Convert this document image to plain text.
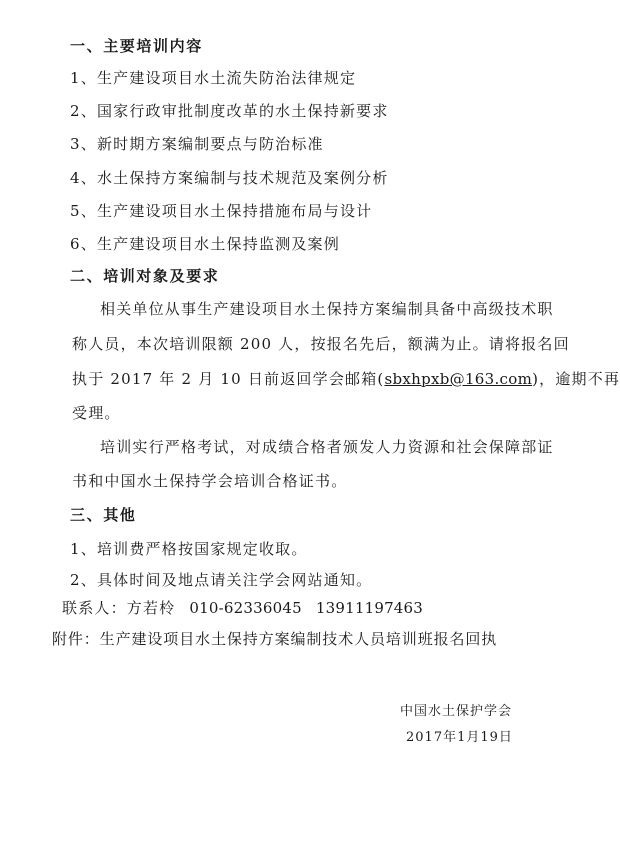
一、主要培训内容
1、生产建设项目水土流失防治法律规定
2、国家行政审批制度改革的水土保持新要求
3、新时期方案编制要点与防治标准
4、水土保持方案编制与技术规范及案例分析
5、生产建设项目水土保持措施布局与设计
6、生产建设项目水土保持监测及案例
二、培训对象及要求
相关单位从事生产建设项目水土保持方案编制具备中高级技术职
称人员，本次培训限额 200 人，按报名先后，额满为止。请将报名回
执于 2017 年 2 月 10 日前返回学会邮箱(sbxhpxb@163.com)，逾期不再
受理。
培训实行严格考试，对成绩合格者颁发人力资源和社会保障部证
书和中国水土保持学会培训合格证书。
三、其他
1、培训费严格按国家规定收取。
2、具体时间及地点请关注学会网站通知。
联系人：方若柃 010-62336045 13911197463
附件：生产建设项目水土保持方案编制技术人员培训班报名回执
中国水土保护学会
2017年1月19日
